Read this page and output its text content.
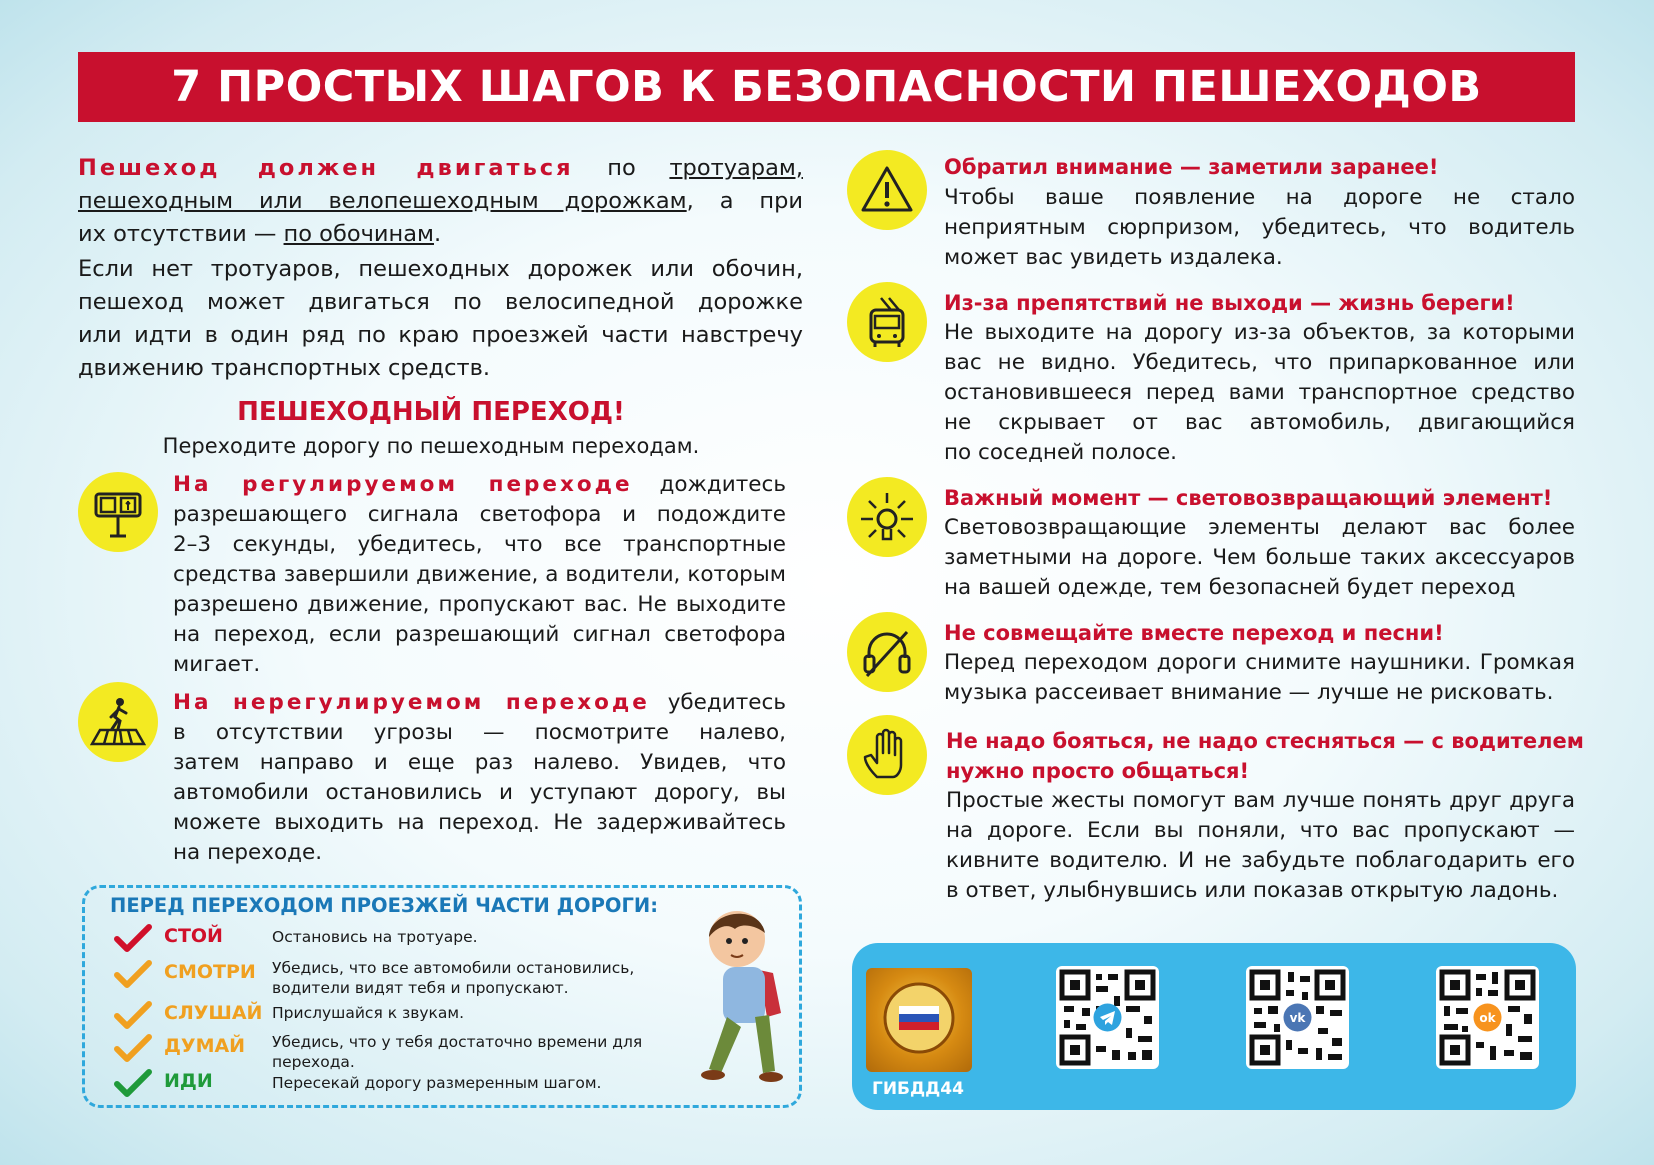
7 ПРОСТЫХ ШАГОВ К БЕЗОПАСНОСТИ ПЕШЕХОДОВ

Пешеход должен двигаться по тротуарам,

пешеходным или велопешеходным дорожкам, а при

их отсутствии — по обочинам.

Если нет тротуаров, пешеходных дорожек или обочин,

пешеход может двигаться по велосипедной дорожке

или идти в один ряд по краю проезжей части навстречу

движению транспортных средств.

ПЕШЕХОДНЫЙ ПЕРЕХОД!
Переходите дорогу по пешеходным переходам.

На регулируемом переходе дождитесь

разрешающего сигнала светофора и подождите

2–3 секунды, убедитесь, что все транспортные

средства завершили движение, а водители, которым

разрешено движение, пропускают вас. Не выходите

на переход, если разрешающий сигнал светофора

мигает.

На нерегулируемом переходе убедитесь

в отсутствии угрозы — посмотрите налево,

затем направо и еще раз налево. Увидев, что

автомобили остановились и уступают дорогу, вы

можете выходить на переход. Не задерживайтесь

на переходе.

ПЕРЕД ПЕРЕХОДОМ ПРОЕЗЖЕЙ ЧАСТИ ДОРОГИ:
СТОЙ	Остановись на тротуаре.
СМОТРИ Убедись, что все автомобили остановились, водители видят тебя и пропускают.
СЛУШАЙ Прислушайся к звукам.
ДУМАЙ Убедись, что у тебя достаточно времени для перехода.
ИДИ	Пересекай дорогу размеренным шагом.
Обратил внимание — заметили заранее!

Чтобы ваше появление на дороге не стало

неприятным сюрпризом, убедитесь, что водитель

может вас увидеть издалека.

Из-за препятствий не выходи — жизнь береги!

Не выходите на дорогу из-за объектов, за которыми

вас не видно. Убедитесь, что припаркованное или

остановившееся перед вами транспортное средство

не скрывает от вас автомобиль, двигающийся

по соседней полосе.

Важный момент — световозвращающий элемент!

Световозвращающие элементы делают вас более

заметными на дороге. Чем больше таких аксессуаров

на вашей одежде, тем безопасней будет переход

Не совмещайте вместе переход и песни!

Перед переходом дороги снимите наушники. Громкая

музыка рассеивает внимание — лучше не рисковать.

Не надо бояться, не надо стесняться — с водителем
нужно просто общаться!

Простые жесты помогут вам лучше понять друг друга

на дороге. Если вы поняли, что вас пропускают —

кивните водителю. И не забудьте поблагодарить его

в ответ, улыбнувшись или показав открытую ладонь.

ГИБДД44
vk	ok
